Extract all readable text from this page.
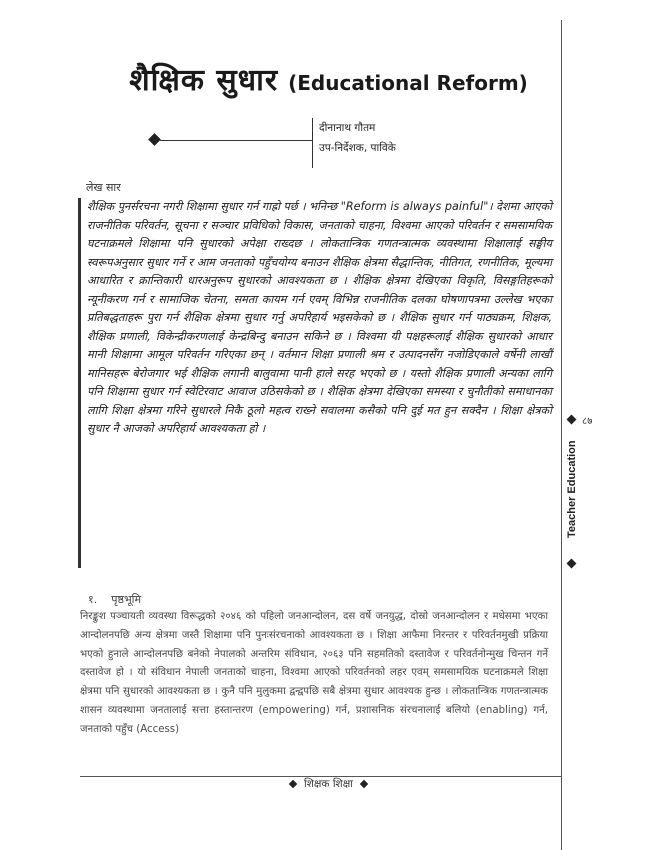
शैक्षिक सुधार (Educational Reform)
दीनानाथ गौतम
उप-निर्देशक, पाविके
लेख सार
शैक्षिक पुनर्संरचना नगरी शिक्षामा सुधार गर्न गाह्रो पर्छ । भनिन्छ "Reform is always painful"। देशमा आएको राजनीतिक परिवर्तन, सूचना र सञ्चार प्रविधिको विकास, जनताको चाहना, विश्वमा आएको परिवर्तन र समसामयिक घटनाक्रमले शिक्षामा पनि सुधारको अपेक्षा राख्दछ । लोकतान्त्रिक गणतन्त्रात्मक व्यवस्थामा शिक्षालाई सङ्घीय स्वरूपअनुसार सुधार गर्ने र आम जनताको पहुँचयोग्य बनाउन शैक्षिक क्षेत्रमा सैद्धान्तिक, नीतिगत, रणनीतिक, मूल्यमा आधारित र क्रान्तिकारी धारअनुरूप सुधारको आवश्यकता छ । शैक्षिक क्षेत्रमा देखिएका विकृति, विसङ्गतिहरूको न्यूनीकरण गर्न र सामाजिक चेतना, समता कायम गर्न एवम् विभिन्न राजनीतिक दलका घोषणापत्रमा उल्लेख भएका प्रतिबद्धताहरू पुरा गर्न शैक्षिक क्षेत्रमा सुधार गर्नु अपरिहार्य भइसकेको छ । शैक्षिक सुधार गर्न पाठ्यक्रम, शिक्षक, शैक्षिक प्रणाली, विकेन्द्रीकरणलाई केन्द्रबिन्दु बनाउन सकिने छ । विश्वमा यी पक्षहरूलाई शैक्षिक सुधारको आधार मानी शिक्षामा आमूल परिवर्तन गरिएका छन् । वर्तमान शिक्षा प्रणाली श्रम र उत्पादनसँग नजोडिएकाले वर्षेनी लाखौं मानिसहरू बेरोजगार भई शैक्षिक लगानी बालुवामा पानी हाले सरह भएको छ । यस्तो शैक्षिक प्रणाली अन्यका लागि पनि शिक्षामा सुधार गर्न स्वेटिरवाट आवाज उठिसकेको छ । शैक्षिक क्षेत्रमा देखिएका समस्या र चुनौतीको समाधानका लागि शिक्षा क्षेत्रमा गरिने सुधारले निकै ठूलो महत्व राख्ने सवालमा कसैको पनि दुई मत हुन सक्दैन । शिक्षा क्षेत्रको सुधार नै आजको अपरिहार्य आवश्यकता हो ।
८७
Teacher Education
१. पृष्ठभूमि
निरङ्कुश पञ्चायती व्यवस्था विरूद्धको २०४६ को पहिलो जनआन्दोलन, दस वर्षे जनयुद्ध, दोस्रो जनआन्दोलन र मधेसमा भएका आन्दोलनपछि अन्य क्षेत्रमा जस्तै शिक्षामा पनि पुनःसंरचनाको आवश्यकता छ । शिक्षा आफैमा निरन्तर र परिवर्तनमुखी प्रक्रिया भएको हुनाले आन्दोलनपछि बनेको नेपालको अन्तरिम संविधान, २०६३ पनि सहमतिको दस्तावेज र परिवर्तनोन्मुख चिन्तन गर्ने दस्तावेज हो । यो संविधान नेपाली जनताको चाहना, विश्वमा आएको परिवर्तनको लहर एवम् समसामयिक घटनाक्रमले शिक्षा क्षेत्रमा पनि सुधारको आवश्यकता छ । कुनै पनि मुलुकमा द्वन्द्वपछि सबै क्षेत्रमा सुधार आवश्यक हुन्छ । लोकतान्त्रिक गणतन्त्रात्मक शासन व्यवस्थामा जनतालाई सत्ता हस्तान्तरण (empowering) गर्न, प्रशासनिक संरचनालाई बलियो (enabling) गर्न, जनताको पहुँच (Access)
शिक्षक शिक्षा
